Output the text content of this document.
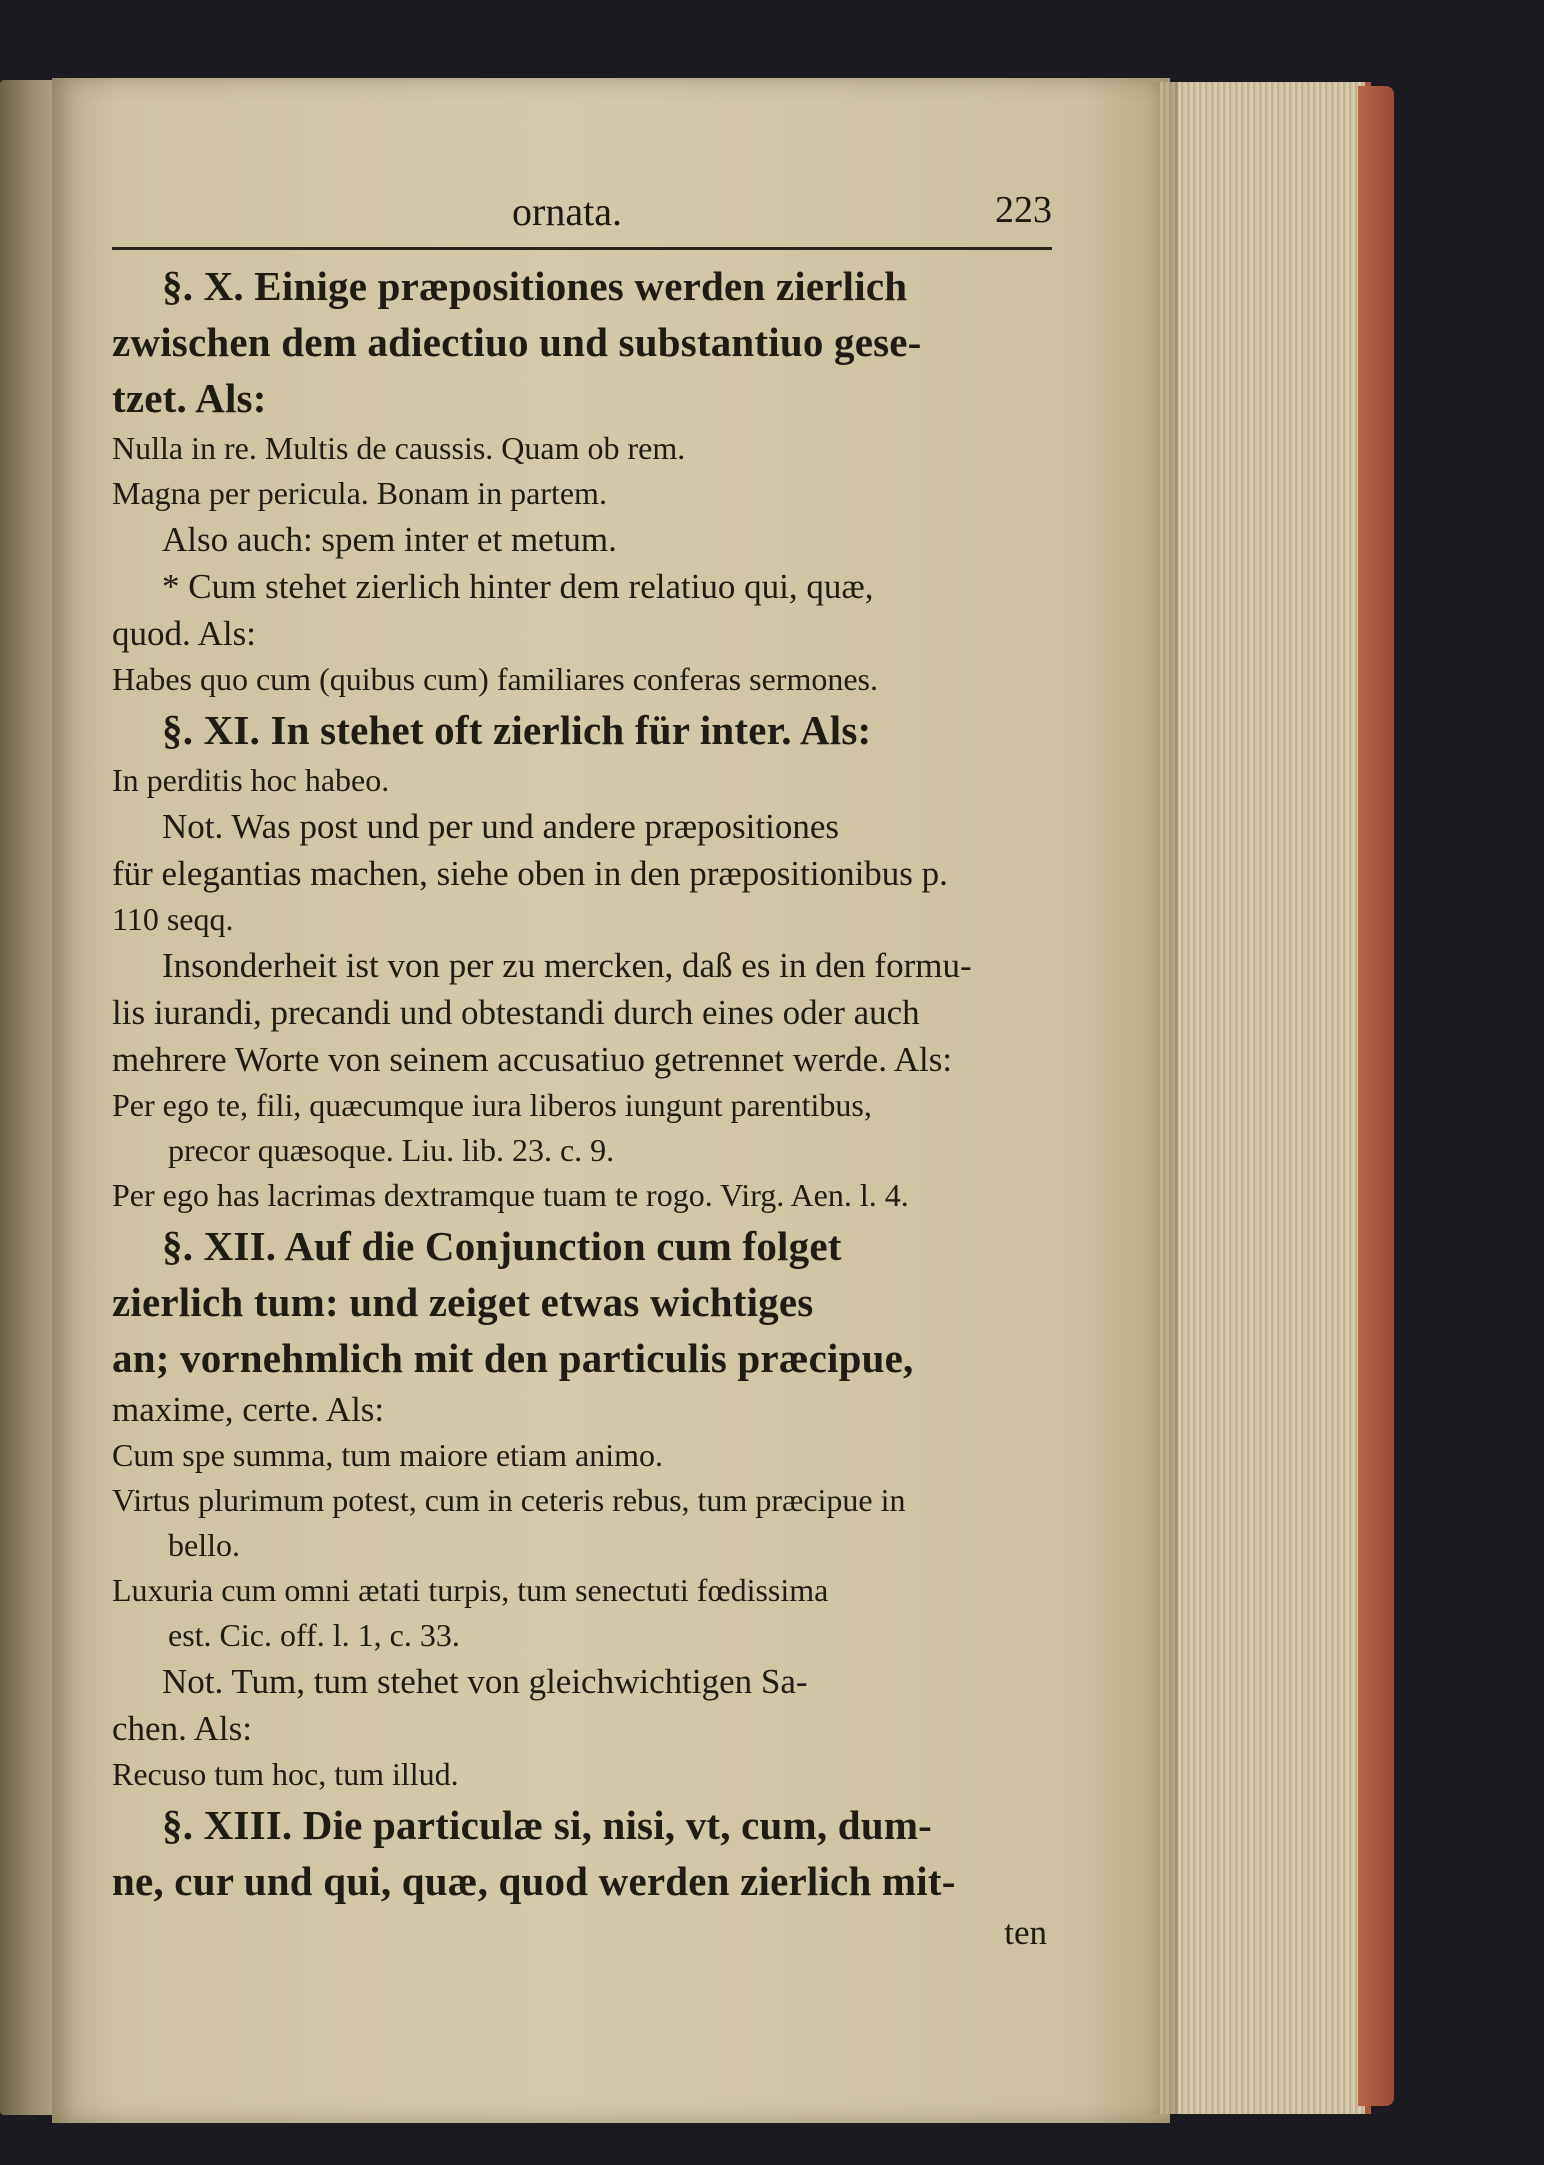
ornata.	223
§. X. Einige præpositiones werden zierlich
zwischen dem adiectiuo und substantiuo gese-
tzet. Als:
Nulla in re. Multis de caussis. Quam ob rem.
Magna per pericula. Bonam in partem.
Also auch: spem inter et metum.
* Cum stehet zierlich hinter dem relatiuo qui, quæ,
quod. Als:
Habes quo cum (quibus cum) familiares conferas sermones.
§. XI. In stehet oft zierlich für inter. Als:
In perditis hoc habeo.
Not. Was post und per und andere præpositiones
für elegantias machen, siehe oben in den præpositionibus p.
110 seqq.
Insonderheit ist von per zu mercken, daß es in den formu-
lis iurandi, precandi und obtestandi durch eines oder auch
mehrere Worte von seinem accusatiuo getrennet werde. Als:
Per ego te, fili, quæcumque iura liberos iungunt parentibus,
precor quæsoque. Liu. lib. 23. c. 9.
Per ego has lacrimas dextramque tuam te rogo. Virg. Aen. l. 4.
§. XII. Auf die Conjunction cum folget
zierlich tum: und zeiget etwas wichtiges
an; vornehmlich mit den particulis præcipue,
maxime, certe. Als:
Cum spe summa, tum maiore etiam animo.
Virtus plurimum potest, cum in ceteris rebus, tum præcipue in
bello.
Luxuria cum omni ætati turpis, tum senectuti fœdissima
est. Cic. off. l. 1, c. 33.
Not. Tum, tum stehet von gleichwichtigen Sa-
chen. Als:
Recuso tum hoc, tum illud.
§. XIII. Die particulæ si, nisi, vt, cum, dum-
ne, cur und qui, quæ, quod werden zierlich mit-
ten
